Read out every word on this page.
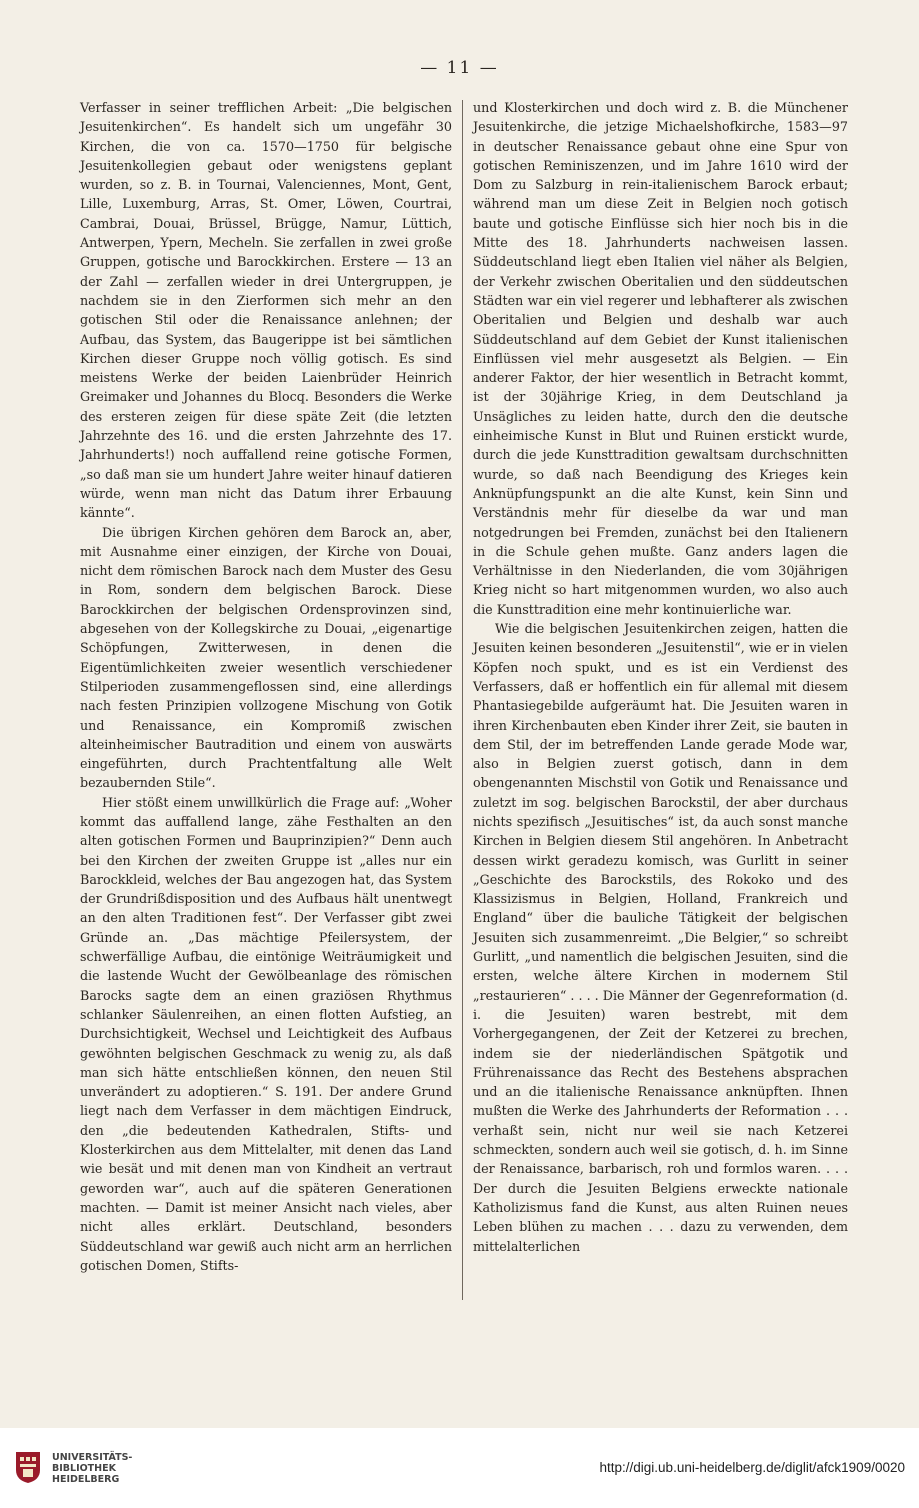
— 11 —

Verfasser in seiner trefflichen Arbeit: „Die belgischen Jesuitenkirchen“. Es handelt sich um ungefähr 30 Kirchen, die von ca. 1570—1750 für belgische Jesuitenkollegien gebaut oder wenigstens geplant wurden, so z. B. in Tournai, Valenciennes, Mont, Gent, Lille, Luxemburg, Arras, St. Omer, Löwen, Courtrai, Cambrai, Douai, Brüssel, Brügge, Namur, Lüttich, Antwerpen, Ypern, Mecheln. Sie zerfallen in zwei große Gruppen, gotische und Barockkirchen. Erstere — 13 an der Zahl — zerfallen wieder in drei Untergruppen, je nachdem sie in den Zierformen sich mehr an den gotischen Stil oder die Renaissance anlehnen; der Aufbau, das System, das Baugerippe ist bei sämtlichen Kirchen dieser Gruppe noch völlig gotisch. Es sind meistens Werke der beiden Laienbrüder Heinrich Greimaker und Johannes du Blocq. Besonders die Werke des ersteren zeigen für diese späte Zeit (die letzten Jahrzehnte des 16. und die ersten Jahrzehnte des 17. Jahrhunderts!) noch auffallend reine gotische Formen, „so daß man sie um hundert Jahre weiter hinauf datieren würde, wenn man nicht das Datum ihrer Erbauung kännte“.

Die übrigen Kirchen gehören dem Barock an, aber, mit Ausnahme einer einzigen, der Kirche von Douai, nicht dem römischen Barock nach dem Muster des Gesu in Rom, sondern dem belgischen Barock. Diese Barockkirchen der belgischen Ordensprovinzen sind, abgesehen von der Kollegskirche zu Douai, „eigenartige Schöpfungen, Zwitterwesen, in denen die Eigentümlichkeiten zweier wesentlich verschiedener Stilperioden zusammengeflossen sind, eine allerdings nach festen Prinzipien vollzogene Mischung von Gotik und Renaissance, ein Kompromiß zwischen alteinheimischer Bautradition und einem von auswärts eingeführten, durch Prachtentfaltung alle Welt bezaubernden Stile“.

Hier stößt einem unwillkürlich die Frage auf: „Woher kommt das auffallend lange, zähe Festhalten an den alten gotischen Formen und Bauprinzipien?“ Denn auch bei den Kirchen der zweiten Gruppe ist „alles nur ein Barockkleid, welches der Bau angezogen hat, das System der Grundrißdisposition und des Aufbaus hält unentwegt an den alten Traditionen fest“. Der Verfasser gibt zwei Gründe an. „Das mächtige Pfeilersystem, der schwerfällige Aufbau, die eintönige Weiträumigkeit und die lastende Wucht der Gewölbeanlage des römischen Barocks sagte dem an einen graziösen Rhythmus schlanker Säulenreihen, an einen flotten Aufstieg, an Durchsichtigkeit, Wechsel und Leichtigkeit des Aufbaus gewöhnten belgischen Geschmack zu wenig zu, als daß man sich hätte entschließen können, den neuen Stil unverändert zu adoptieren.“ S. 191. Der andere Grund liegt nach dem Verfasser in dem mächtigen Eindruck, den „die bedeutenden Kathedralen, Stifts- und Klosterkirchen aus dem Mittelalter, mit denen das Land wie besät und mit denen man von Kindheit an vertraut geworden war“, auch auf die späteren Generationen machten. — Damit ist meiner Ansicht nach vieles, aber nicht alles erklärt. Deutschland, besonders Süddeutschland war gewiß auch nicht arm an herrlichen gotischen Domen, Stifts-

und Klosterkirchen und doch wird z. B. die Münchener Jesuitenkirche, die jetzige Michaelshofkirche, 1583—97 in deutscher Renaissance gebaut ohne eine Spur von gotischen Reminiszenzen, und im Jahre 1610 wird der Dom zu Salzburg in rein-italienischem Barock erbaut; während man um diese Zeit in Belgien noch gotisch baute und gotische Einflüsse sich hier noch bis in die Mitte des 18. Jahrhunderts nachweisen lassen. Süddeutschland liegt eben Italien viel näher als Belgien, der Verkehr zwischen Oberitalien und den süddeutschen Städten war ein viel regerer und lebhafterer als zwischen Oberitalien und Belgien und deshalb war auch Süddeutschland auf dem Gebiet der Kunst italienischen Einflüssen viel mehr ausgesetzt als Belgien. — Ein anderer Faktor, der hier wesentlich in Betracht kommt, ist der 30jährige Krieg, in dem Deutschland ja Unsägliches zu leiden hatte, durch den die deutsche einheimische Kunst in Blut und Ruinen erstickt wurde, durch die jede Kunsttradition gewaltsam durchschnitten wurde, so daß nach Beendigung des Krieges kein Anknüpfungspunkt an die alte Kunst, kein Sinn und Verständnis mehr für dieselbe da war und man notgedrungen bei Fremden, zunächst bei den Italienern in die Schule gehen mußte. Ganz anders lagen die Verhältnisse in den Niederlanden, die vom 30jährigen Krieg nicht so hart mitgenommen wurden, wo also auch die Kunsttradition eine mehr kontinuierliche war.

Wie die belgischen Jesuitenkirchen zeigen, hatten die Jesuiten keinen besonderen „Jesuitenstil“, wie er in vielen Köpfen noch spukt, und es ist ein Verdienst des Verfassers, daß er hoffentlich ein für allemal mit diesem Phantasiegebilde aufgeräumt hat. Die Jesuiten waren in ihren Kirchenbauten eben Kinder ihrer Zeit, sie bauten in dem Stil, der im betreffenden Lande gerade Mode war, also in Belgien zuerst gotisch, dann in dem obengenannten Mischstil von Gotik und Renaissance und zuletzt im sog. belgischen Barockstil, der aber durchaus nichts spezifisch „Jesuitisches“ ist, da auch sonst manche Kirchen in Belgien diesem Stil angehören. In Anbetracht dessen wirkt geradezu komisch, was Gurlitt in seiner „Geschichte des Barockstils, des Rokoko und des Klassizismus in Belgien, Holland, Frankreich und England“ über die bauliche Tätigkeit der belgischen Jesuiten sich zusammenreimt. „Die Belgier,“ so schreibt Gurlitt, „und namentlich die belgischen Jesuiten, sind die ersten, welche ältere Kirchen in modernem Stil „restaurieren“ . . . . Die Männer der Gegenreformation (d. i. die Jesuiten) waren bestrebt, mit dem Vorhergegangenen, der Zeit der Ketzerei zu brechen, indem sie der niederländischen Spätgotik und Frührenaissance das Recht des Bestehens absprachen und an die italienische Renaissance anknüpften. Ihnen mußten die Werke des Jahrhunderts der Reformation . . . verhaßt sein, nicht nur weil sie nach Ketzerei schmeckten, sondern auch weil sie gotisch, d. h. im Sinne der Renaissance, barbarisch, roh und formlos waren. . . . Der durch die Jesuiten Belgiens erweckte nationale Katholizismus fand die Kunst, aus alten Ruinen neues Leben blühen zu machen . . . dazu zu verwenden, dem mittelalterlichen

UNIVERSITÄTS-
BIBLIOTHEK
HEIDELBERG
http://digi.ub.uni-heidelberg.de/diglit/afck1909/0020
